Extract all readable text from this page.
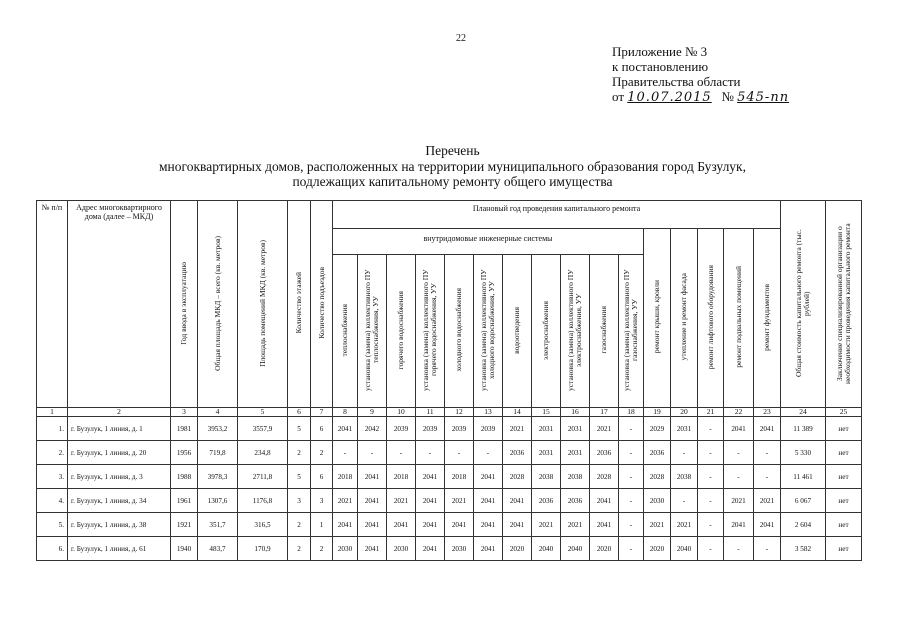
22
Приложение № 3
к постановлению
Правительства области
от 10.07.2015 № 545-пп
Перечень
многоквартирных домов, расположенных на территории муниципального образования город Бузулук,
подлежащих капитальному ремонту общего имущества
№ п/п	Адрес многоквартирного дома (далее – МКД)	Год ввода в эксплуатацию	Общая площадь МКД – всего (кв. метров)	Площадь помещений МКД (кв. метров)	Количество этажей	Количество подъездов	Плановый год проведения капитального ремонта																Общая стоимость капитального ремонта (тыс. рублей)	Заключение специализированной организации о необходимости проведения капитального ремонта
							внутридомовые инженерные системы											ремонт крыши, кровли	утепление и ремонт фасада	ремонт лифтового оборудования	ремонт подвальных помещений	ремонт фундаментов		
							теплоснабжения	установка (замена) коллективного ПУ теплоснабжения, УУ	горячего водоснабжения	установка (замена) коллективного ПУ горячего водоснабжения, УУ	холодного водоснабжения	установка (замена) коллективного ПУ холодного водоснабжения, УУ	водоотведения	электроснабжения	установка (замена) коллективного ПУ электроснабжения, УУ	газоснабжения	установка (замена) коллективного ПУ газоснабжения, УУ							
1	2	3	4	5	6	7	8	9	10	11	12	13	14	15	16	17	18	19	20	21	22	23	24	25
1.	г. Бузулук, 1 линия, д. 1	1981	3953,2	3557,9	5	6	2041	2042	2039	2039	2039	2039	2021	2031	2031	2021	-	2029	2031	-	2041	2041	11 389	нет
2.	г. Бузулук, 1 линия, д. 20	1956	719,8	234,8	2	2	-	-	-	-	-	-	2036	2031	2031	2036	-	2036	-	-	-	-	5 330	нет
3.	г. Бузулук, 1 линия, д. 3	1988	3978,3	2711,8	5	6	2018	2041	2018	2041	2018	2041	2028	2038	2038	2028	-	2028	2038	-	-	-	11 461	нет
4.	г. Бузулук, 1 линия, д. 34	1961	1307,6	1176,8	3	3	2021	2041	2021	2041	2021	2041	2041	2036	2036	2041	-	2030	-	-	2021	2021	6 067	нет
5.	г. Бузулук, 1 линия, д. 38	1921	351,7	316,5	2	1	2041	2041	2041	2041	2041	2041	2041	2021	2021	2041	-	2021	2021	-	2041	2041	2 604	нет
6.	г. Бузулук, 1 линия, д. 61	1940	483,7	170,9	2	2	2030	2041	2030	2041	2030	2041	2020	2040	2040	2020	-	2020	2040	-	-	-	3 582	нет
